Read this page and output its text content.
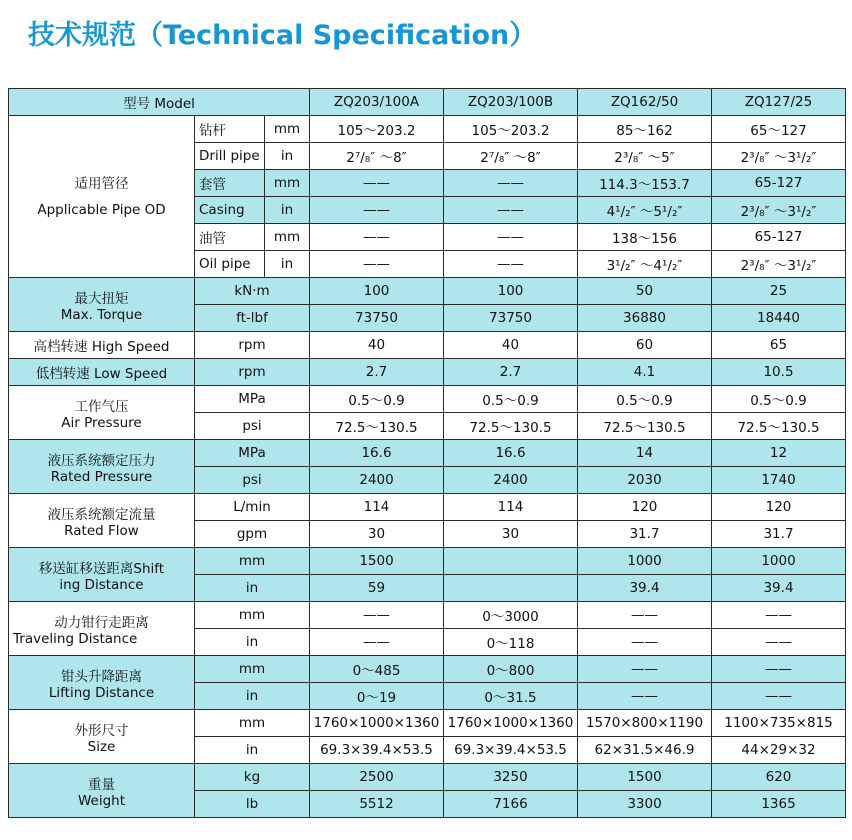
技术规范（Technical Specification）
型号 Model			ZQ203/100A	ZQ203/100B	ZQ162/50	ZQ127/25

适用管径
Applicable Pipe OD	钻杆	mm	105～203.2	105～203.2	85～162	65～127
	Drill pipe	in	2⁷/₈″ ～8″	2⁷/₈″ ～8″	2³/₈″ ～5″	2³/₈″ ～3¹/₂″
	套管	mm	——	——	114.3～153.7	65-127
	Casing	in	——	——	4¹/₂″ ～5¹/₂″	2³/₈″ ～3¹/₂″
	油管	mm	——	——	138～156	65-127
	Oil pipe	in	——	——	3¹/₂″ ～4¹/₂″	2³/₈″ ～3¹/₂″

最大扭矩
Max. Torque	kN·m		100	100	50	25
	ft-lbf		73750	73750	36880	18440
高档转速 High Speed	rpm		40	40	60	65
低档转速 Low Speed	rpm		2.7	2.7	4.1	10.5

工作气压
Air Pressure	MPa		0.5～0.9	0.5～0.9	0.5～0.9	0.5～0.9
	psi		72.5～130.5	72.5～130.5	72.5～130.5	72.5～130.5

液压系统额定压力
Rated Pressure	MPa		16.6	16.6	14	12
	psi		2400	2400	2030	1740

液压系统额定流量
Rated Flow	L/min		114	114	120	120
	gpm		30	30	31.7	31.7

移送缸移送距离Shift
ing Distance	mm		1500		1000	1000
	in		59		39.4	39.4

动力钳行走距离
Traveling Distance	mm		——	0～3000	——	——
	in		——	0～118	——	——

钳头升降距离
Lifting Distance	mm		0～485	0～800	——	——
	in		0～19	0～31.5	——	——

外形尺寸
Size	mm		1760×1000×1360	1760×1000×1360	1570×800×1190	1100×735×815
	in		69.3×39.4×53.5	69.3×39.4×53.5	62×31.5×46.9	44×29×32

重量
Weight	kg		2500	3250	1500	620
	lb		5512	7166	3300	1365
